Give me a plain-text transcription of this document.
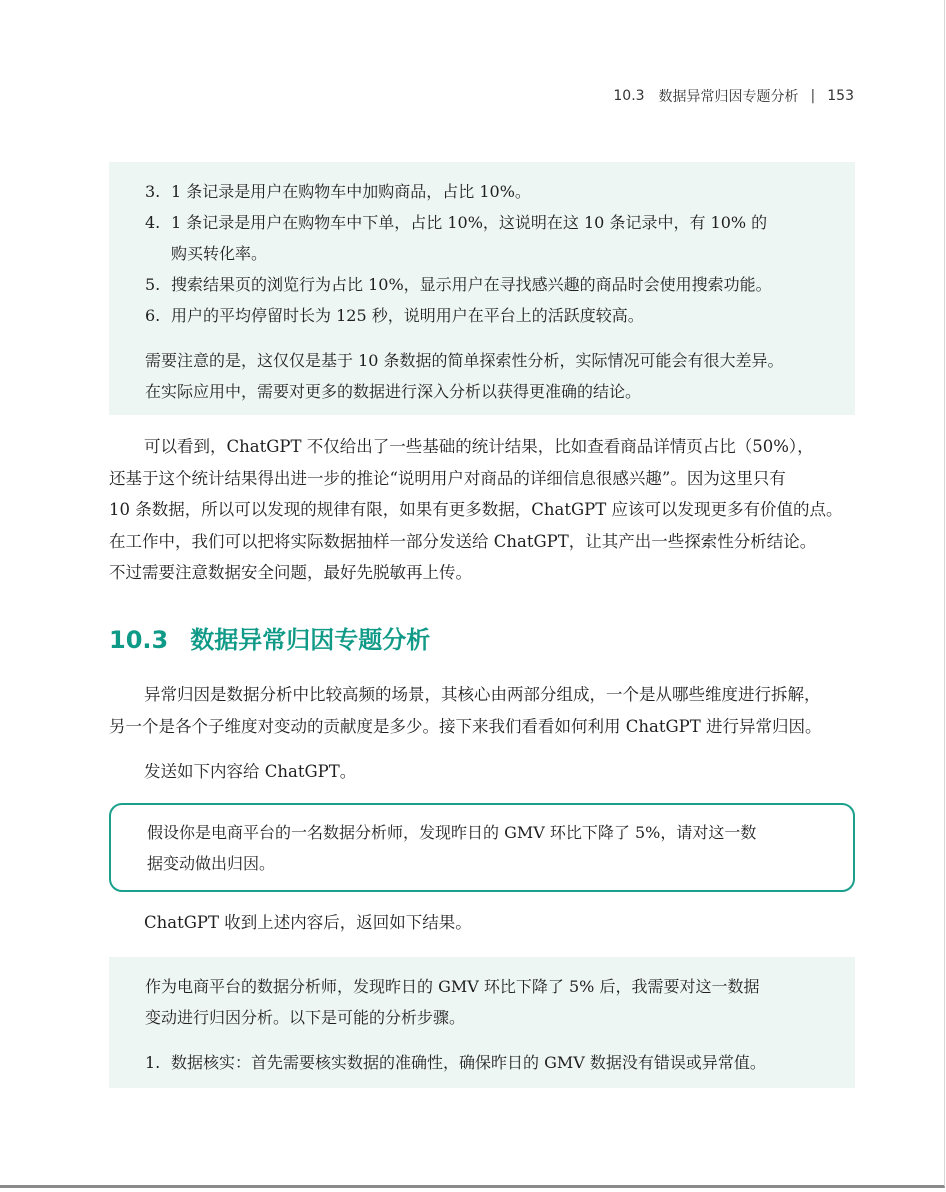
10.3 数据异常归因专题分析 | 153
3. 1 条记录是用户在购物车中加购商品，占比 10%。
4. 1 条记录是用户在购物车中下单，占比 10%，这说明在这 10 条记录中，有 10% 的
购买转化率。
5. 搜索结果页的浏览行为占比 10%，显示用户在寻找感兴趣的商品时会使用搜索功能。
6. 用户的平均停留时长为 125 秒，说明用户在平台上的活跃度较高。
需要注意的是，这仅仅是基于 10 条数据的简单探索性分析，实际情况可能会有很大差异。
在实际应用中，需要对更多的数据进行深入分析以获得更准确的结论。

可以看到，ChatGPT 不仅给出了一些基础的统计结果，比如查看商品详情页占比（50%），

还基于这个统计结果得出进一步的推论“说明用户对商品的详细信息很感兴趣”。因为这里只有

10 条数据，所以可以发现的规律有限，如果有更多数据，ChatGPT 应该可以发现更多有价值的点。

在工作中，我们可以把将实际数据抽样一部分发送给 ChatGPT，让其产出一些探索性分析结论。

不过需要注意数据安全问题，最好先脱敏再上传。

10.3 数据异常归因专题分析

异常归因是数据分析中比较高频的场景，其核心由两部分组成，一个是从哪些维度进行拆解，

另一个是各个子维度对变动的贡献度是多少。接下来我们看看如何利用 ChatGPT 进行异常归因。

发送如下内容给 ChatGPT。

假设你是电商平台的一名数据分析师，发现昨日的 GMV 环比下降了 5%，请对这一数
据变动做出归因。

ChatGPT 收到上述内容后，返回如下结果。

作为电商平台的数据分析师，发现昨日的 GMV 环比下降了 5% 后，我需要对这一数据
变动进行归因分析。以下是可能的分析步骤。
1. 数据核实：首先需要核实数据的准确性，确保昨日的 GMV 数据没有错误或异常值。
